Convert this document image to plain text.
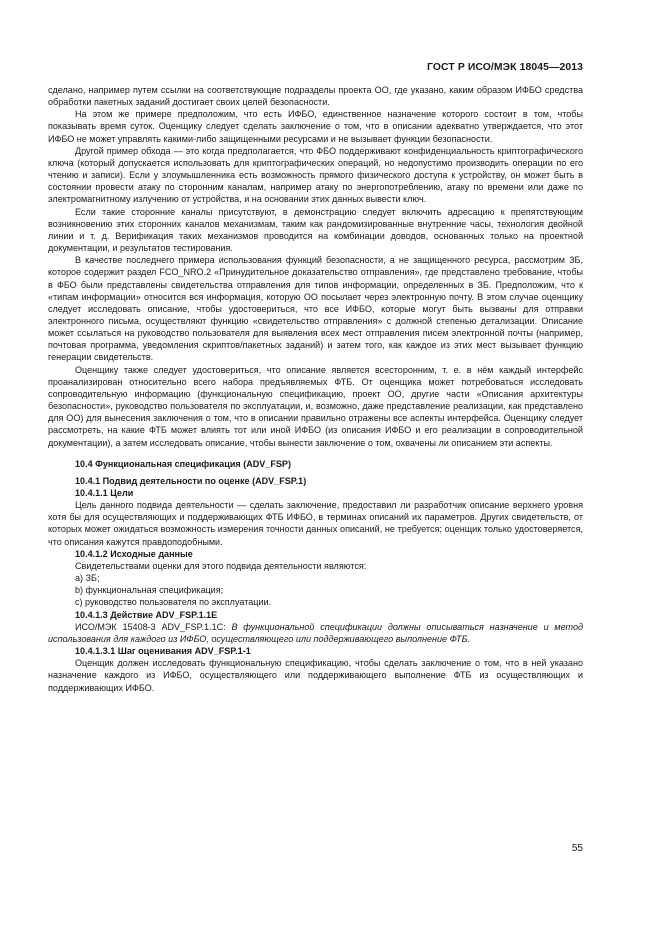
ГОСТ Р ИСО/МЭК 18045—2013

сделано, например путем ссылки на соответствующие подразделы проекта ОО, где указано, каким образом ИФБО средства обработки пакетных заданий достигает своих целей безопасности.

На этом же примере предположим, что есть ИФБО, единственное назначение которого состоит в том, чтобы показывать время суток. Оценщику следует сделать заключение о том, что в описании адекватно утверждается, что этот ИФБО не может управлять какими-либо защищенными ресурсами и не вызывает функции безопасности.

Другой пример обхода — это когда предполагается, что ФБО поддерживают конфиденциальность криптографического ключа (который допускается использовать для криптографических операций, но недопустимо производить операции по его чтению и записи). Если у злоумышленника есть возможность прямого физического доступа к устройству, он может быть в состоянии провести атаку по сторонним каналам, например атаку по энергопотреблению, атаку по времени или даже по электромагнитному излучению от устройства, и на основании этих данных вывести ключ.

Если такие сторонние каналы присутствуют, в демонстрацию следует включить адресацию к препятствующим возникновению этих сторонних каналов механизмам, таким как рандомизированные внутренние часы, технология двойной линии и т. д. Верификация таких механизмов проводится на комбинации доводов, основанных только на проектной документации, и результатов тестирования.

В качестве последнего примера использования функций безопасности, а не защищенного ресурса, рассмотрим ЗБ, которое содержит раздел FCO_NRO.2 «Принудительное доказательство отправления», где представлено требование, чтобы в ФБО были представлены свидетельства отправления для типов информации, определенных в ЗБ. Предположим, что к «типам информации» относится вся информация, которую ОО посылает через электронную почту. В этом случае оценщику следует исследовать описание, чтобы удостовериться, что все ИФБО, которые могут быть вызваны для отправки электронного письма, осуществляют функцию «свидетельство отправления» с должной степенью детализации. Описание может ссылаться на руководство пользователя для выявления всех мест отправления писем электронной почты (например, почтовая программа, уведомления скриптов/пакетных заданий) и затем того, как каждое из этих мест вызывает функцию генерации свидетельств.

Оценщику также следует удостовериться, что описание является всесторонним, т. е. в нём каждый интерфейс проанализирован относительно всего набора предъявляемых ФТБ. От оценщика может потребоваться исследовать сопроводительную информацию (функциональную спецификацию, проект ОО, другие части «Описания архитектуры безопасности», руководство пользователя по эксплуатации, и, возможно, даже представление реализации, как представлено для ОО) для вынесения заключения о том, что в описании правильно отражены все аспекты интерфейса. Оценщику следует рассмотреть, на какие ФТБ может влиять тот или иной ИФБО (из описания ИФБО и его реализации в сопроводительной документации), а затем исследовать описание, чтобы вынести заключение о том, охвачены ли описанием эти аспекты.

10.4 Функциональная спецификация (ADV_FSP)

10.4.1 Подвид деятельности по оценке (ADV_FSP.1)

10.4.1.1 Цели

Цель данного подвида деятельности — сделать заключение, предоставил ли разработчик описание верхнего уровня хотя бы для осуществляющих и поддерживающих ФТБ ИФБО, в терминах описаний их параметров. Других свидетельств, от которых может ожидаться возможность измерения точности данных описаний, не требуется; оценщик только удостоверяется, что описания кажутся правдоподобными.

10.4.1.2 Исходные данные

Свидетельствами оценки для этого подвида деятельности являются:

a) ЗБ;

b) функциональная спецификация;

c) руководство пользователя по эксплуатации.

10.4.1.3 Действие ADV_FSP.1.1E

ИСО/МЭК 15408-3 ADV_FSP.1.1C: В функциональной спецификации должны описываться назначение и метод использования для каждого из ИФБО, осуществляющего или поддерживающего выполнение ФТБ.

10.4.1.3.1 Шаг оценивания ADV_FSP.1-1

Оценщик должен исследовать функциональную спецификацию, чтобы сделать заключение о том, что в ней указано назначение каждого из ИФБО, осуществляющего или поддерживающего выполнение ФТБ из осуществляющих и поддерживающих ИФБО.

55
